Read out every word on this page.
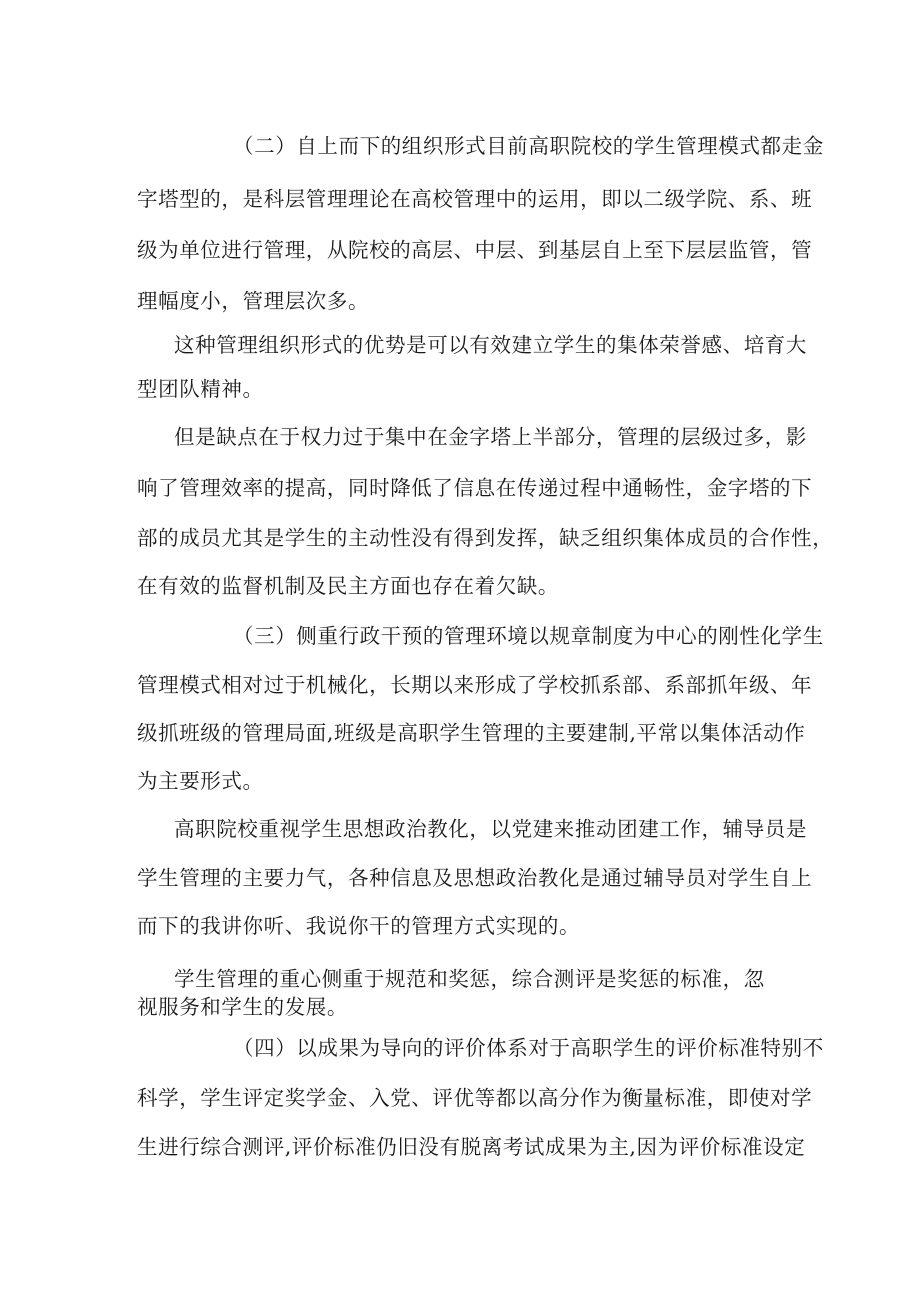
（二）自上而下的组织形式目前高职院校的学生管理模式都走金
字塔型的，是科层管理理论在高校管理中的运用，即以二级学院、系、班
级为单位进行管理，从院校的高层、中层、到基层自上至下层层监管，管
理幅度小，管理层次多。
这种管理组织形式的优势是可以有效建立学生的集体荣誉感、培育大
型团队精神。
但是缺点在于权力过于集中在金字塔上半部分，管理的层级过多，影
响了管理效率的提高，同时降低了信息在传递过程中通畅性，金字塔的下
部的成员尤其是学生的主动性没有得到发挥，缺乏组织集体成员的合作性，
在有效的监督机制及民主方面也存在着欠缺。
（三）侧重行政干预的管理环境以规章制度为中心的刚性化学生
管理模式相对过于机械化，长期以来形成了学校抓系部、系部抓年级、年
级抓班级的管理局面,班级是高职学生管理的主要建制,平常以集体活动作
为主要形式。
高职院校重视学生思想政治教化，以党建来推动团建工作，辅导员是
学生管理的主要力气，各种信息及思想政治教化是通过辅导员对学生自上
而下的我讲你听、我说你干的管理方式实现的。
学生管理的重心侧重于规范和奖惩，综合测评是奖惩的标准，忽
视服务和学生的发展。
（四）以成果为导向的评价体系对于高职学生的评价标准特别不
科学，学生评定奖学金、入党、评优等都以高分作为衡量标准，即使对学
生进行综合测评,评价标准仍旧没有脱离考试成果为主,因为评价标准设定
